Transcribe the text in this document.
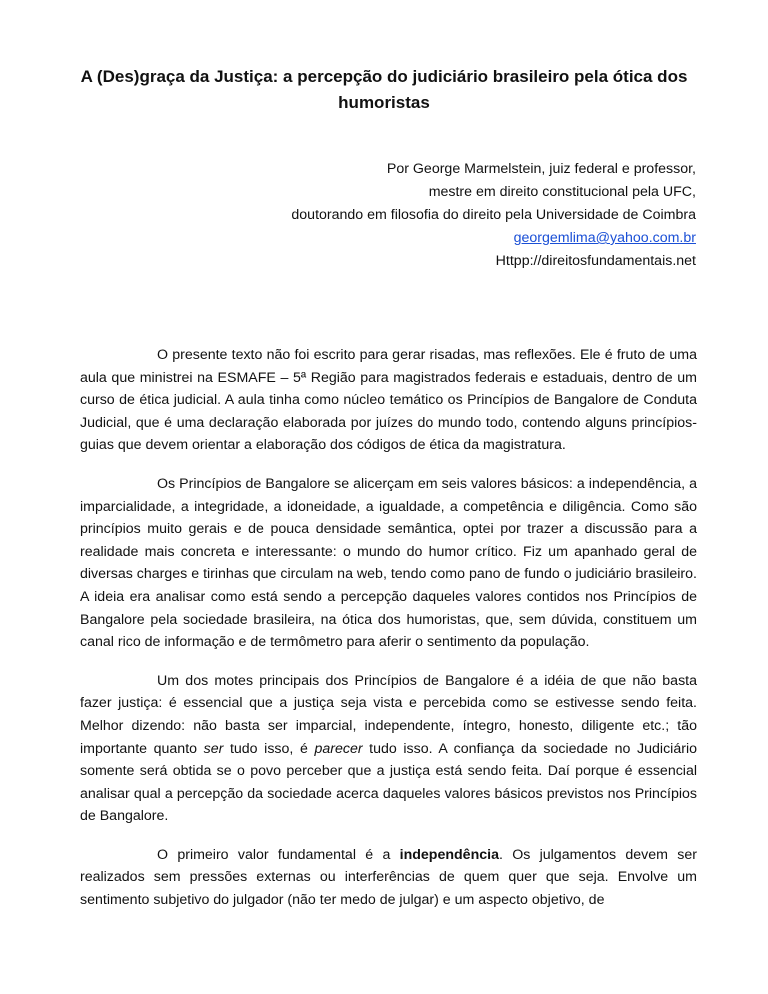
A (Des)graça da Justiça: a percepção do judiciário brasileiro pela ótica dos humoristas
Por George Marmelstein, juiz federal e professor,
mestre em direito constitucional pela UFC,
doutorando em filosofia do direito pela Universidade de Coimbra
georgemlima@yahoo.com.br
Httpp://direitosfundamentais.net

O presente texto não foi escrito para gerar risadas, mas reflexões. Ele é fruto de uma aula que ministrei na ESMAFE – 5ª Região para magistrados federais e estaduais, dentro de um curso de ética judicial. A aula tinha como núcleo temático os Princípios de Bangalore de Conduta Judicial, que é uma declaração elaborada por juízes do mundo todo, contendo alguns princípios-guias que devem orientar a elaboração dos códigos de ética da magistratura.

Os Princípios de Bangalore se alicerçam em seis valores básicos: a independência, a imparcialidade, a integridade, a idoneidade, a igualdade, a competência e diligência. Como são princípios muito gerais e de pouca densidade semântica, optei por trazer a discussão para a realidade mais concreta e interessante: o mundo do humor crítico. Fiz um apanhado geral de diversas charges e tirinhas que circulam na web, tendo como pano de fundo o judiciário brasileiro. A ideia era analisar como está sendo a percepção daqueles valores contidos nos Princípios de Bangalore pela sociedade brasileira, na ótica dos humoristas, que, sem dúvida, constituem um canal rico de informação e de termômetro para aferir o sentimento da população.

Um dos motes principais dos Princípios de Bangalore é a idéia de que não basta fazer justiça: é essencial que a justiça seja vista e percebida como se estivesse sendo feita. Melhor dizendo: não basta ser imparcial, independente, íntegro, honesto, diligente etc.; tão importante quanto ser tudo isso, é parecer tudo isso. A confiança da sociedade no Judiciário somente será obtida se o povo perceber que a justiça está sendo feita. Daí porque é essencial analisar qual a percepção da sociedade acerca daqueles valores básicos previstos nos Princípios de Bangalore.

O primeiro valor fundamental é a independência. Os julgamentos devem ser realizados sem pressões externas ou interferências de quem quer que seja. Envolve um sentimento subjetivo do julgador (não ter medo de julgar) e um aspecto objetivo, de
